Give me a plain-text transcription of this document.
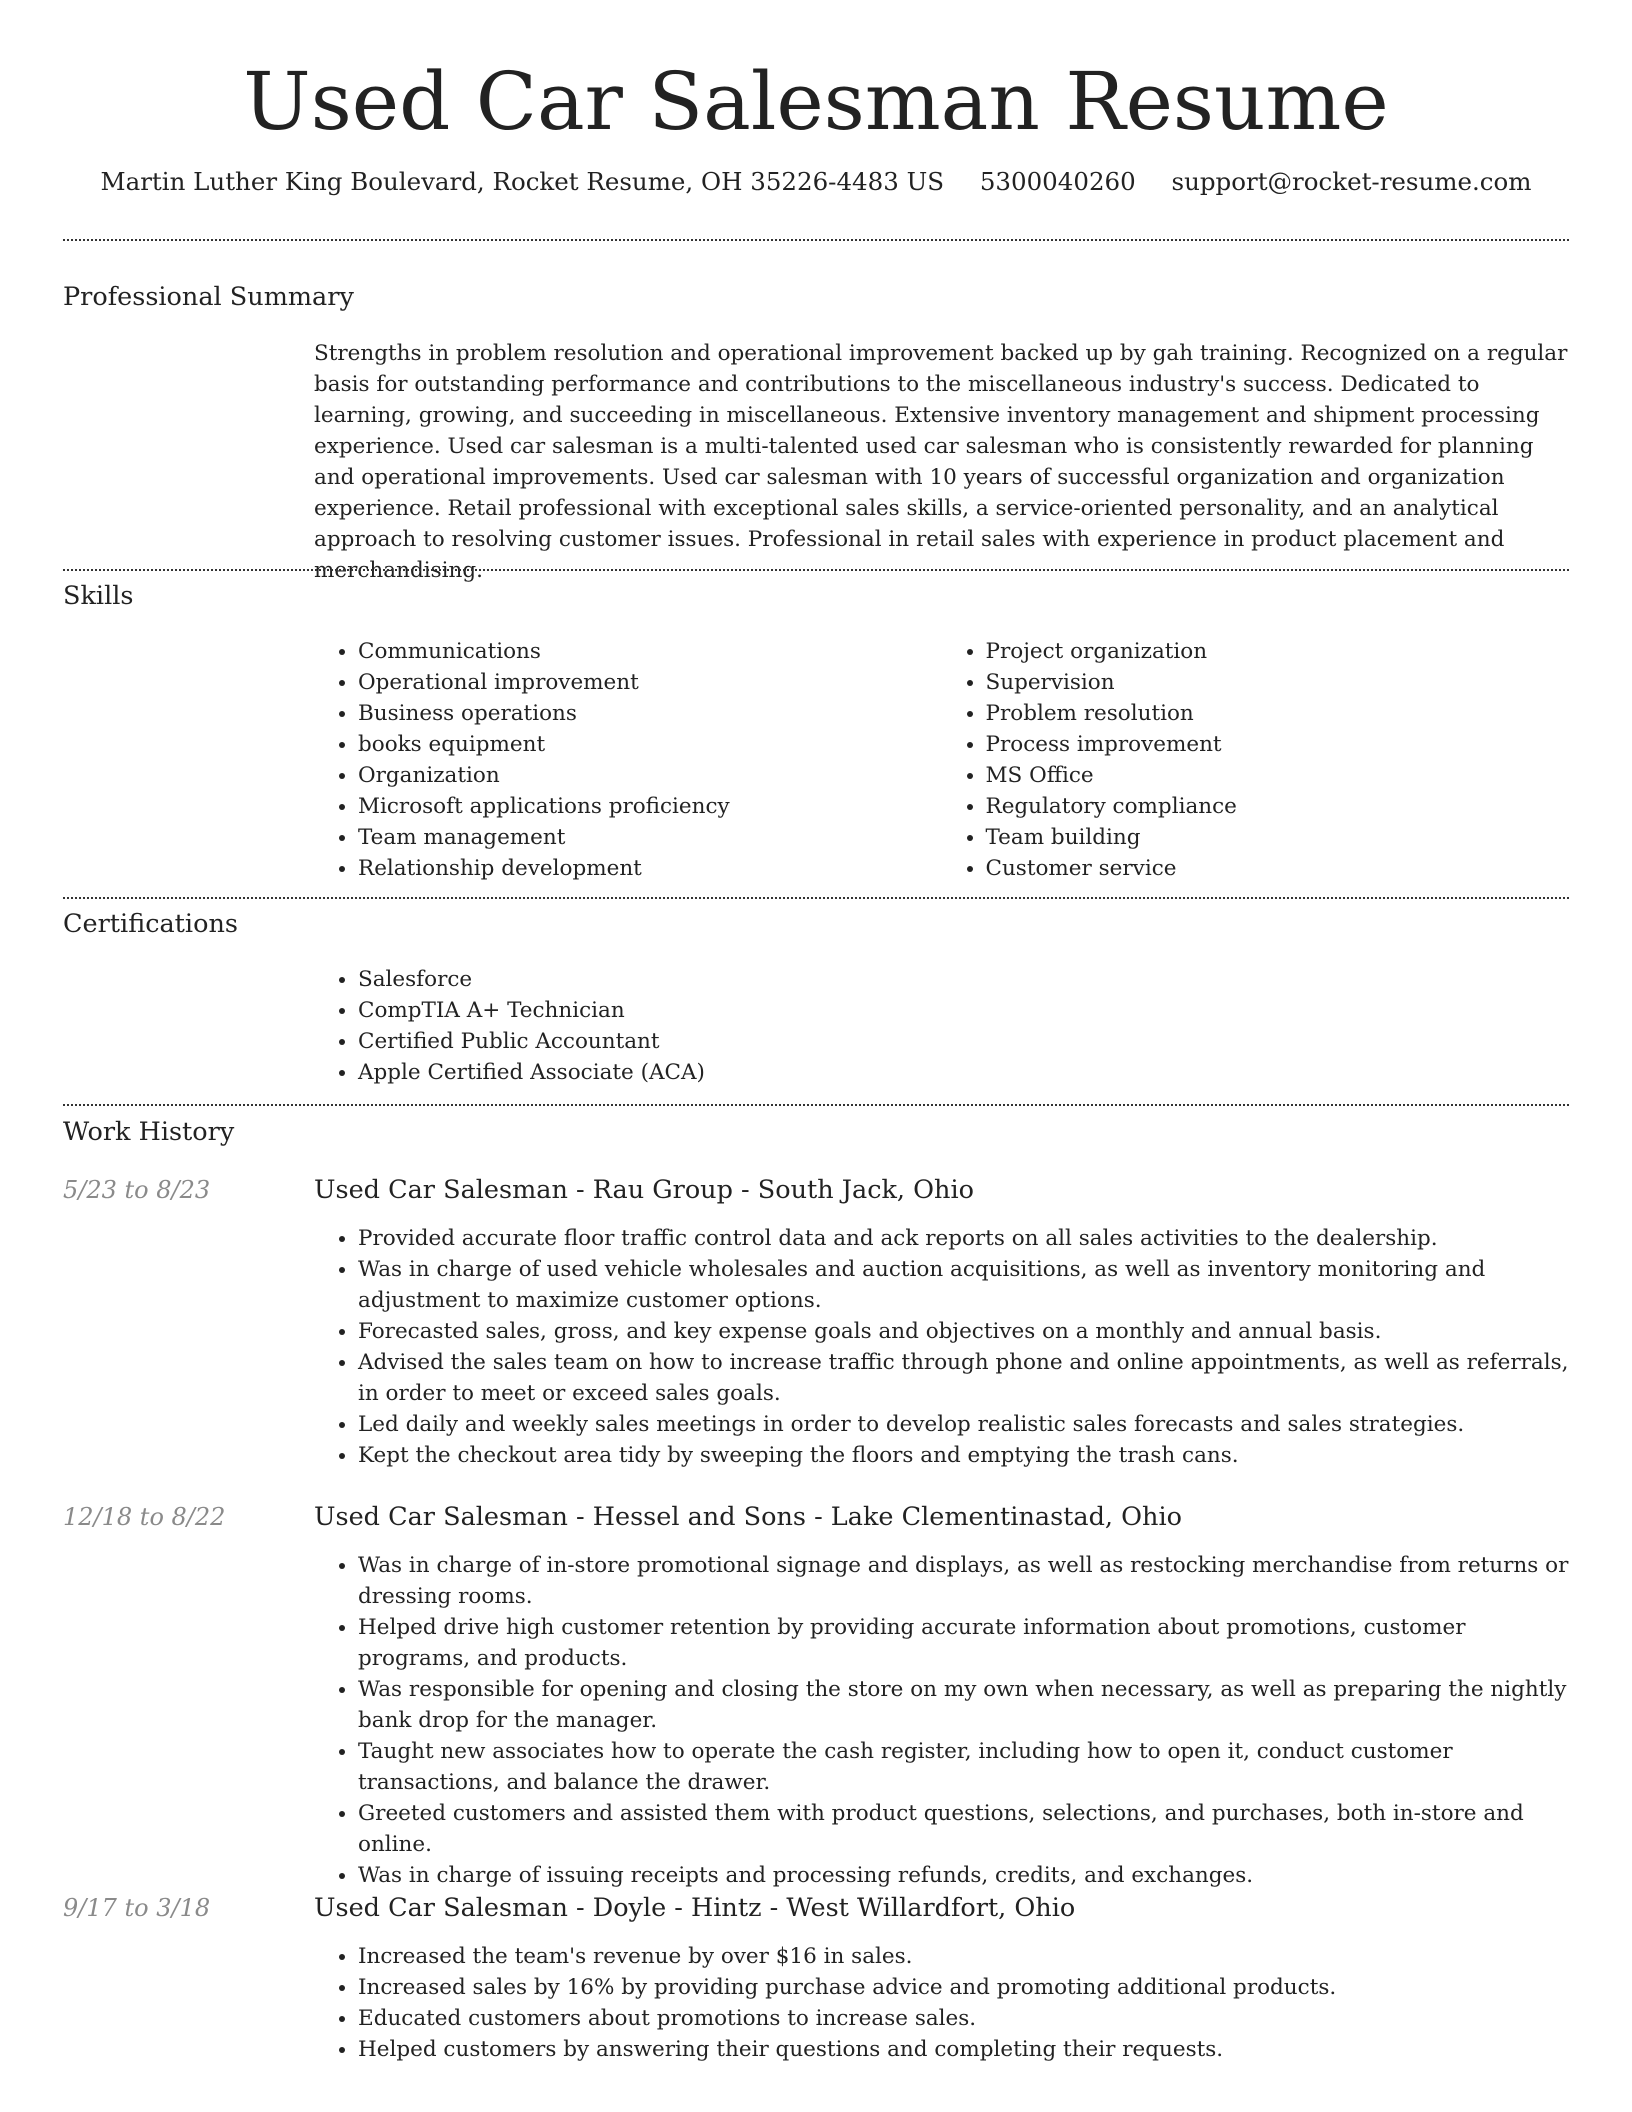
Used Car Salesman Resume
Martin Luther King Boulevard, Rocket Resume, OH 35226-4483 US 5300040260 support@rocket-resume.com
Professional Summary

Strengths in problem resolution and operational improvement backed up by gah training. Recognized on a regular basis for outstanding performance and contributions to the miscellaneous industry's success. Dedicated to learning, growing, and succeeding in miscellaneous. Extensive inventory management and shipment processing experience. Used car salesman is a multi-talented used car salesman who is consistently rewarded for planning and operational improvements. Used car salesman with 10 years of successful organization and organization experience. Retail professional with exceptional sales skills, a service-oriented personality, and an analytical approach to resolving customer issues. Professional in retail sales with experience in product placement and merchandising.

Skills
• Communications
• Operational improvement
• Business operations
• books equipment
• Organization
• Microsoft applications proficiency
• Team management
• Relationship development
• Project organization
• Supervision
• Problem resolution
• Process improvement
• MS Office
• Regulatory compliance
• Team building
• Customer service
Certifications
• Salesforce
• CompTIA A+ Technician
• Certified Public Accountant
• Apple Certified Associate (ACA)
Work History
5/23 to 8/23	Used Car Salesman - Rau Group - South Jack, Ohio
• Provided accurate floor traffic control data and ack reports on all sales activities to the dealership.
• Was in charge of used vehicle wholesales and auction acquisitions, as well as inventory monitoring and adjustment to maximize customer options.
• Forecasted sales, gross, and key expense goals and objectives on a monthly and annual basis.
• Advised the sales team on how to increase traffic through phone and online appointments, as well as referrals, in order to meet or exceed sales goals.
• Led daily and weekly sales meetings in order to develop realistic sales forecasts and sales strategies.
• Kept the checkout area tidy by sweeping the floors and emptying the trash cans.
12/18 to 8/22	Used Car Salesman - Hessel and Sons - Lake Clementinastad, Ohio
• Was in charge of in-store promotional signage and displays, as well as restocking merchandise from returns or dressing rooms.
• Helped drive high customer retention by providing accurate information about promotions, customer programs, and products.
• Was responsible for opening and closing the store on my own when necessary, as well as preparing the nightly bank drop for the manager.
• Taught new associates how to operate the cash register, including how to open it, conduct customer transactions, and balance the drawer.
• Greeted customers and assisted them with product questions, selections, and purchases, both in-store and online.
• Was in charge of issuing receipts and processing refunds, credits, and exchanges.
9/17 to 3/18	Used Car Salesman - Doyle - Hintz - West Willardfort, Ohio
• Increased the team's revenue by over $16 in sales.
• Increased sales by 16% by providing purchase advice and promoting additional products.
• Educated customers about promotions to increase sales.
• Helped customers by answering their questions and completing their requests.
